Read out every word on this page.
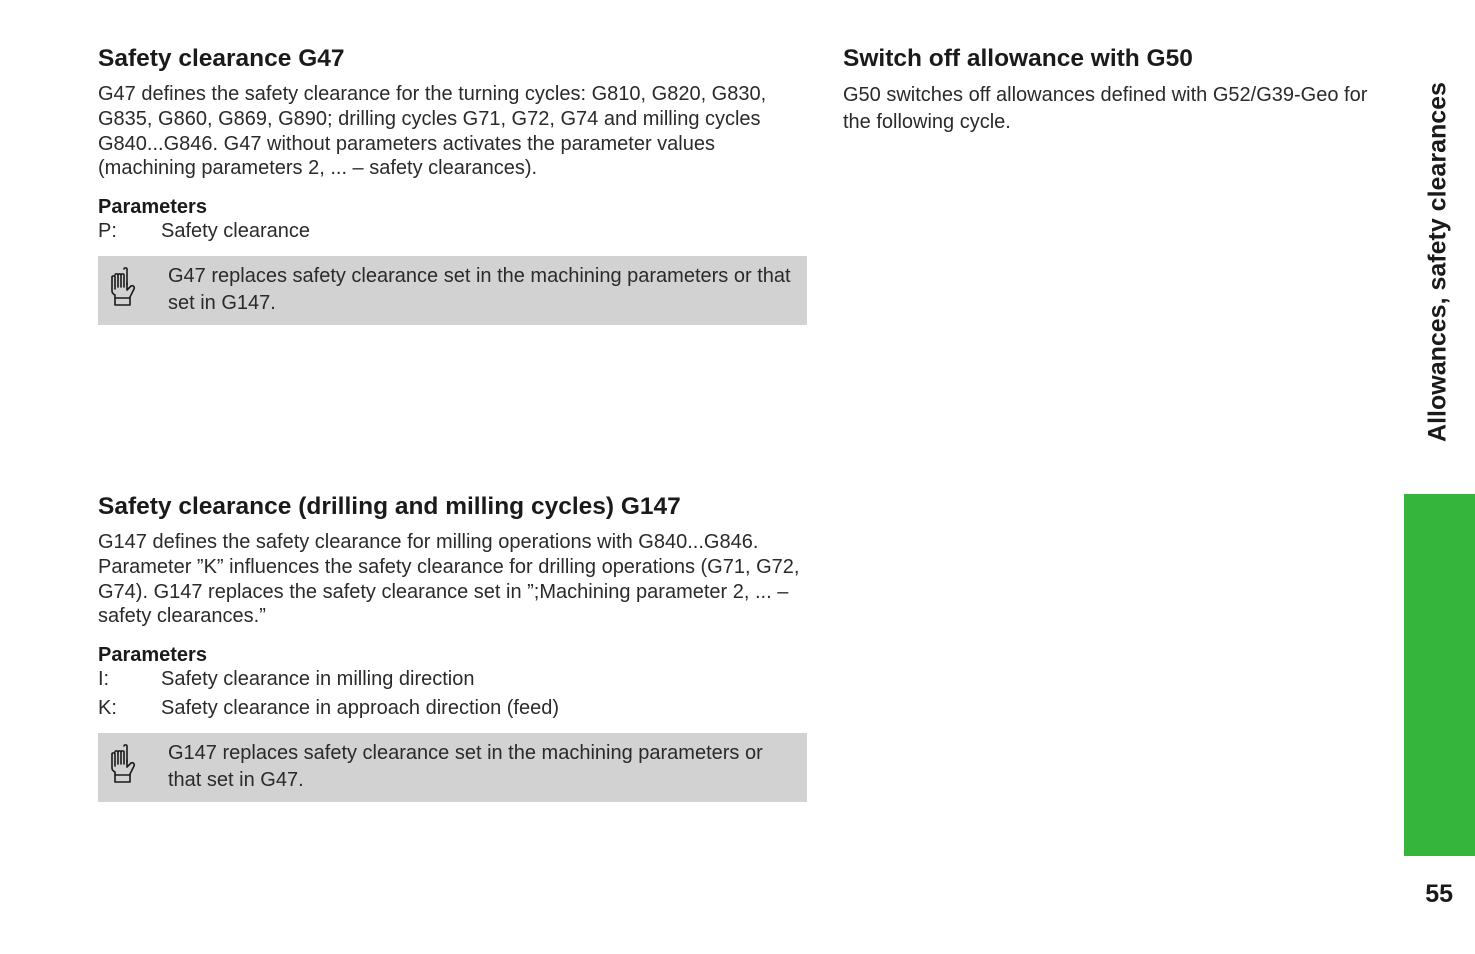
Safety clearance G47

G47 defines the safety clearance for the turning cycles: G810, G820, G830, G835, G860, G869, G890; drilling cycles G71, G72, G74 and milling cycles G840...G846. G47 without parameters activates the parameter values (machining parameters 2, ... – safety clearances).

Parameters
P:	Safety clearance
G47 replaces safety clearance set in the machining parameters or that set in G147.
Safety clearance (drilling and milling cycles) G147

G147 defines the safety clearance for milling operations with G840...G846. Parameter ”K” influences the safety clearance for drilling operations (G71, G72, G74). G147 replaces the safety clearance set in ”;Machining parameter 2, ... – safety clearances.”

Parameters
I:	Safety clearance in milling direction
K:	Safety clearance in approach direction (feed)
G147 replaces safety clearance set in the machining parameters or that set in G47.
Switch off allowance with G50

G50 switches off allowances defined with G52/G39-Geo for the following cycle.	Allowances, safety clearances
55
